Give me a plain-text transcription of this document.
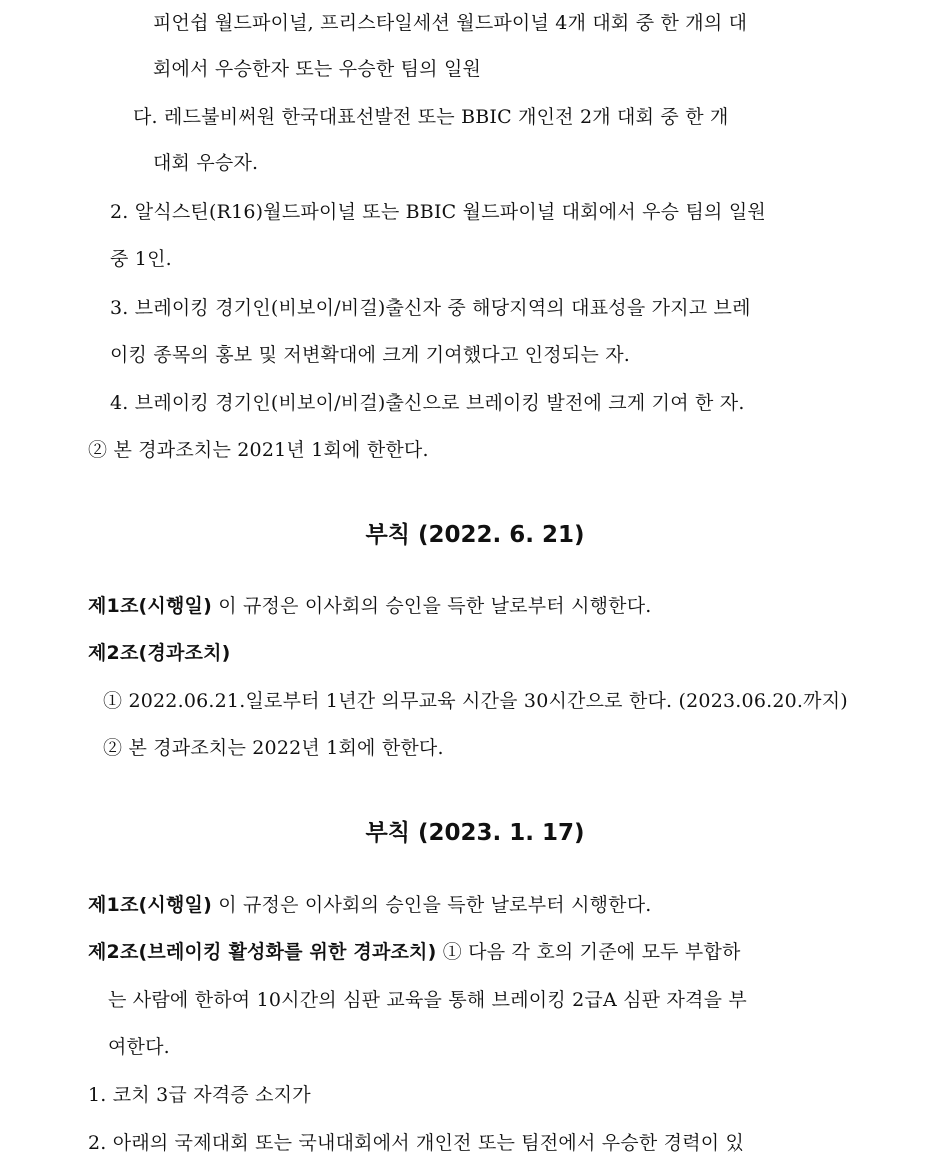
피언쉽 월드파이널, 프리스타일세션 월드파이널 4개 대회 중 한 개의 대
회에서 우승한자 또는 우승한 팀의 일원
다. 레드불비써원 한국대표선발전 또는 BBIC 개인전 2개 대회 중 한 개
대회 우승자.
2. 알식스틴(R16)월드파이널 또는 BBIC 월드파이널 대회에서 우승 팀의 일원
중 1인.
3. 브레이킹 경기인(비보이/비걸)출신자 중 해당지역의 대표성을 가지고 브레
이킹 종목의 홍보 및 저변확대에 크게 기여했다고 인정되는 자.
4. 브레이킹 경기인(비보이/비걸)출신으로 브레이킹 발전에 크게 기여 한 자.
② 본 경과조치는 2021년 1회에 한한다.
부칙 (2022. 6. 21)
제1조(시행일) 이 규정은 이사회의 승인을 득한 날로부터 시행한다.
제2조(경과조치)
① 2022.06.21.일로부터 1년간 의무교육 시간을 30시간으로 한다. (2023.06.20.까지)
② 본 경과조치는 2022년 1회에 한한다.
부칙 (2023. 1. 17)
제1조(시행일) 이 규정은 이사회의 승인을 득한 날로부터 시행한다.
제2조(브레이킹 활성화를 위한 경과조치) ① 다음 각 호의 기준에 모두 부합하
는 사람에 한하여 10시간의 심판 교육을 통해 브레이킹 2급A 심판 자격을 부
여한다.
1. 코치 3급 자격증 소지가
2. 아래의 국제대회 또는 국내대회에서 개인전 또는 팀전에서 우승한 경력이 있
